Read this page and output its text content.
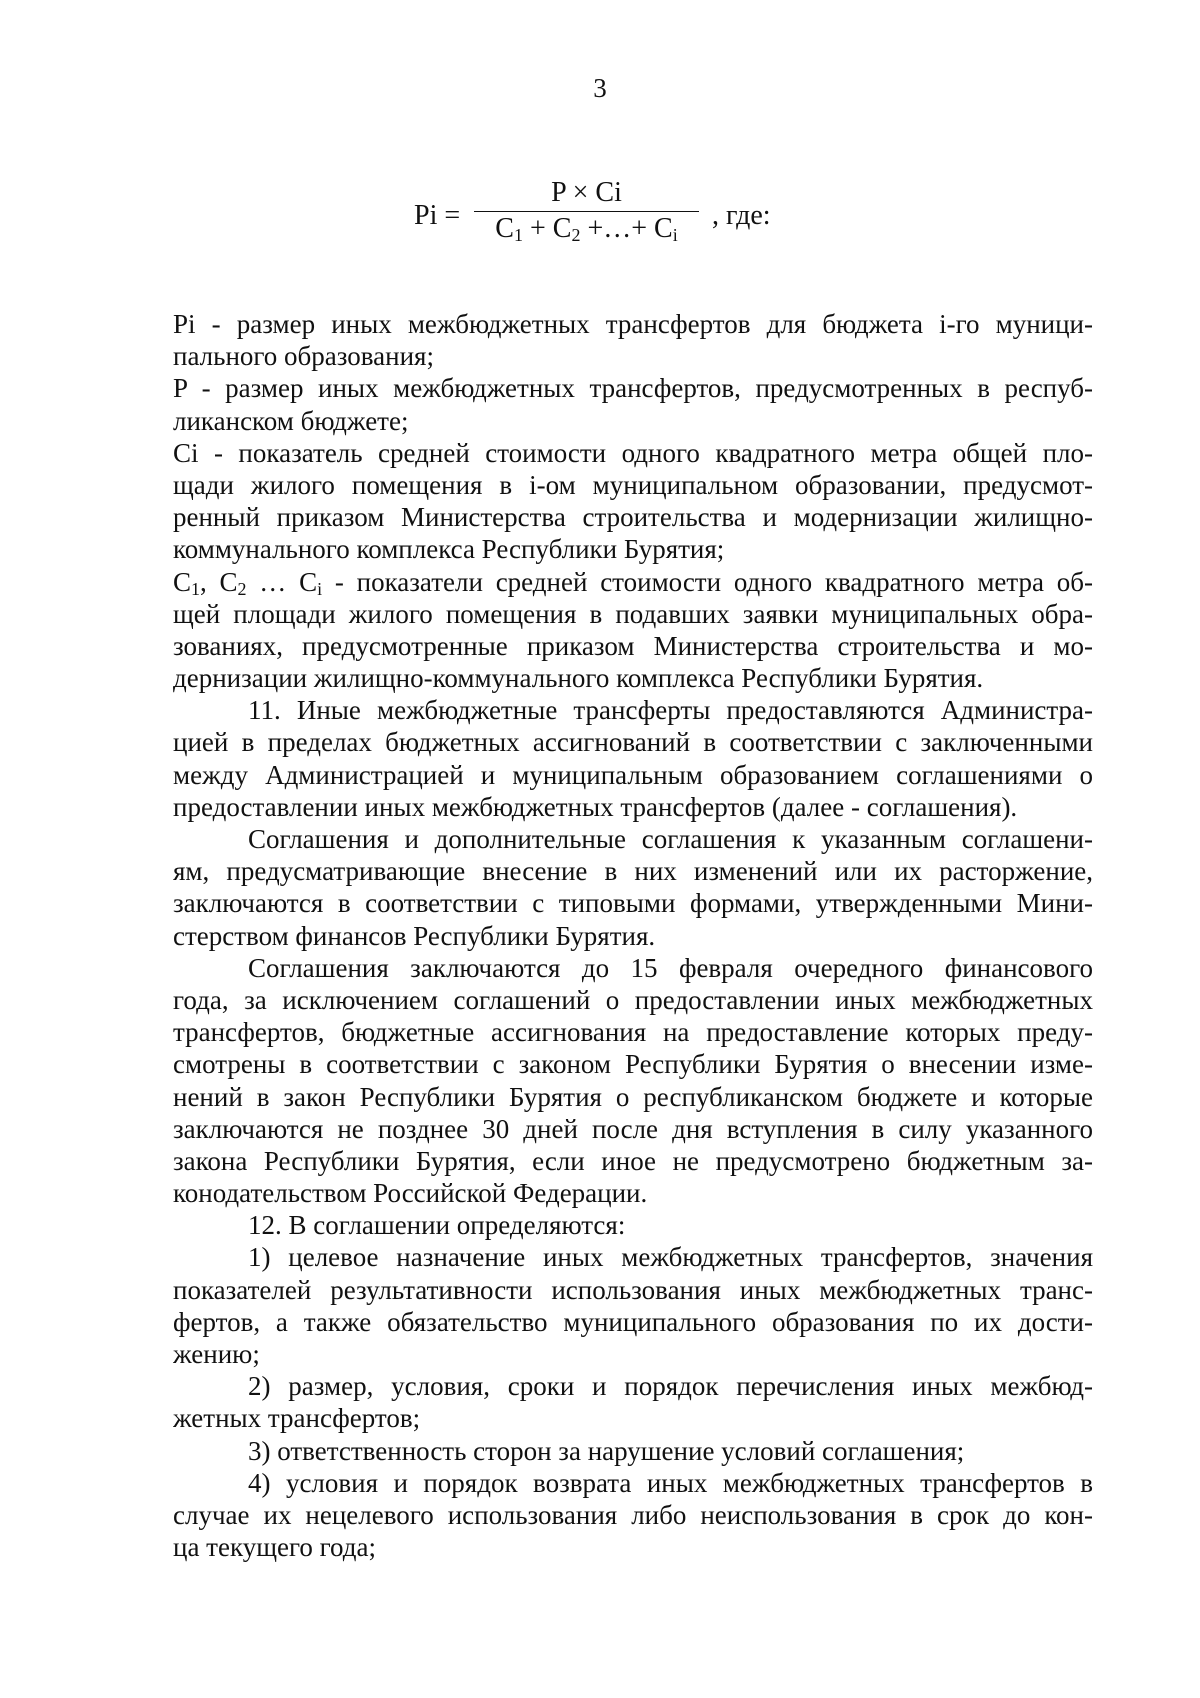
3
Pi =
P × Ci
$C_1 + C_2$ +…+ $C_i$
, где:
Pi - размер иных межбюджетных трансфертов для бюджета i-го муници-
пального образования;
P - размер иных межбюджетных трансфертов, предусмотренных в респуб-
ликанском бюджете;
Ci - показатель средней стоимости одного квадратного метра общей пло-
щади жилого помещения в i-ом муниципальном образовании, предусмот-
ренный приказом Министерства строительства и модернизации жилищно-
коммунального комплекса Республики Бурятия;
$C_1$, $C_2$ … $C_i$ - показатели средней стоимости одного квадратного метра об-
щей площади жилого помещения в подавших заявки муниципальных обра-
зованиях, предусмотренные приказом Министерства строительства и мо-
дернизации жилищно-коммунального комплекса Республики Бурятия.
11. Иные межбюджетные трансферты предоставляются Администра-
цией в пределах бюджетных ассигнований в соответствии с заключенными
между Администрацией и муниципальным образованием соглашениями о
предоставлении иных межбюджетных трансфертов (далее - соглашения).
Соглашения и дополнительные соглашения к указанным соглашени-
ям, предусматривающие внесение в них изменений или их расторжение,
заключаются в соответствии с типовыми формами, утвержденными Мини-
стерством финансов Республики Бурятия.
Соглашения заключаются до 15 февраля очередного финансового
года, за исключением соглашений о предоставлении иных межбюджетных
трансфертов, бюджетные ассигнования на предоставление которых преду-
смотрены в соответствии с законом Республики Бурятия о внесении изме-
нений в закон Республики Бурятия о республиканском бюджете и которые
заключаются не позднее 30 дней после дня вступления в силу указанного
закона Республики Бурятия, если иное не предусмотрено бюджетным за-
конодательством Российской Федерации.
12. В соглашении определяются:
1) целевое назначение иных межбюджетных трансфертов, значения
показателей результативности использования иных межбюджетных транс-
фертов, а также обязательство муниципального образования по их дости-
жению;
2) размер, условия, сроки и порядок перечисления иных межбюд-
жетных трансфертов;
3) ответственность сторон за нарушение условий соглашения;
4) условия и порядок возврата иных межбюджетных трансфертов в
случае их нецелевого использования либо неиспользования в срок до кон-
ца текущего года;
